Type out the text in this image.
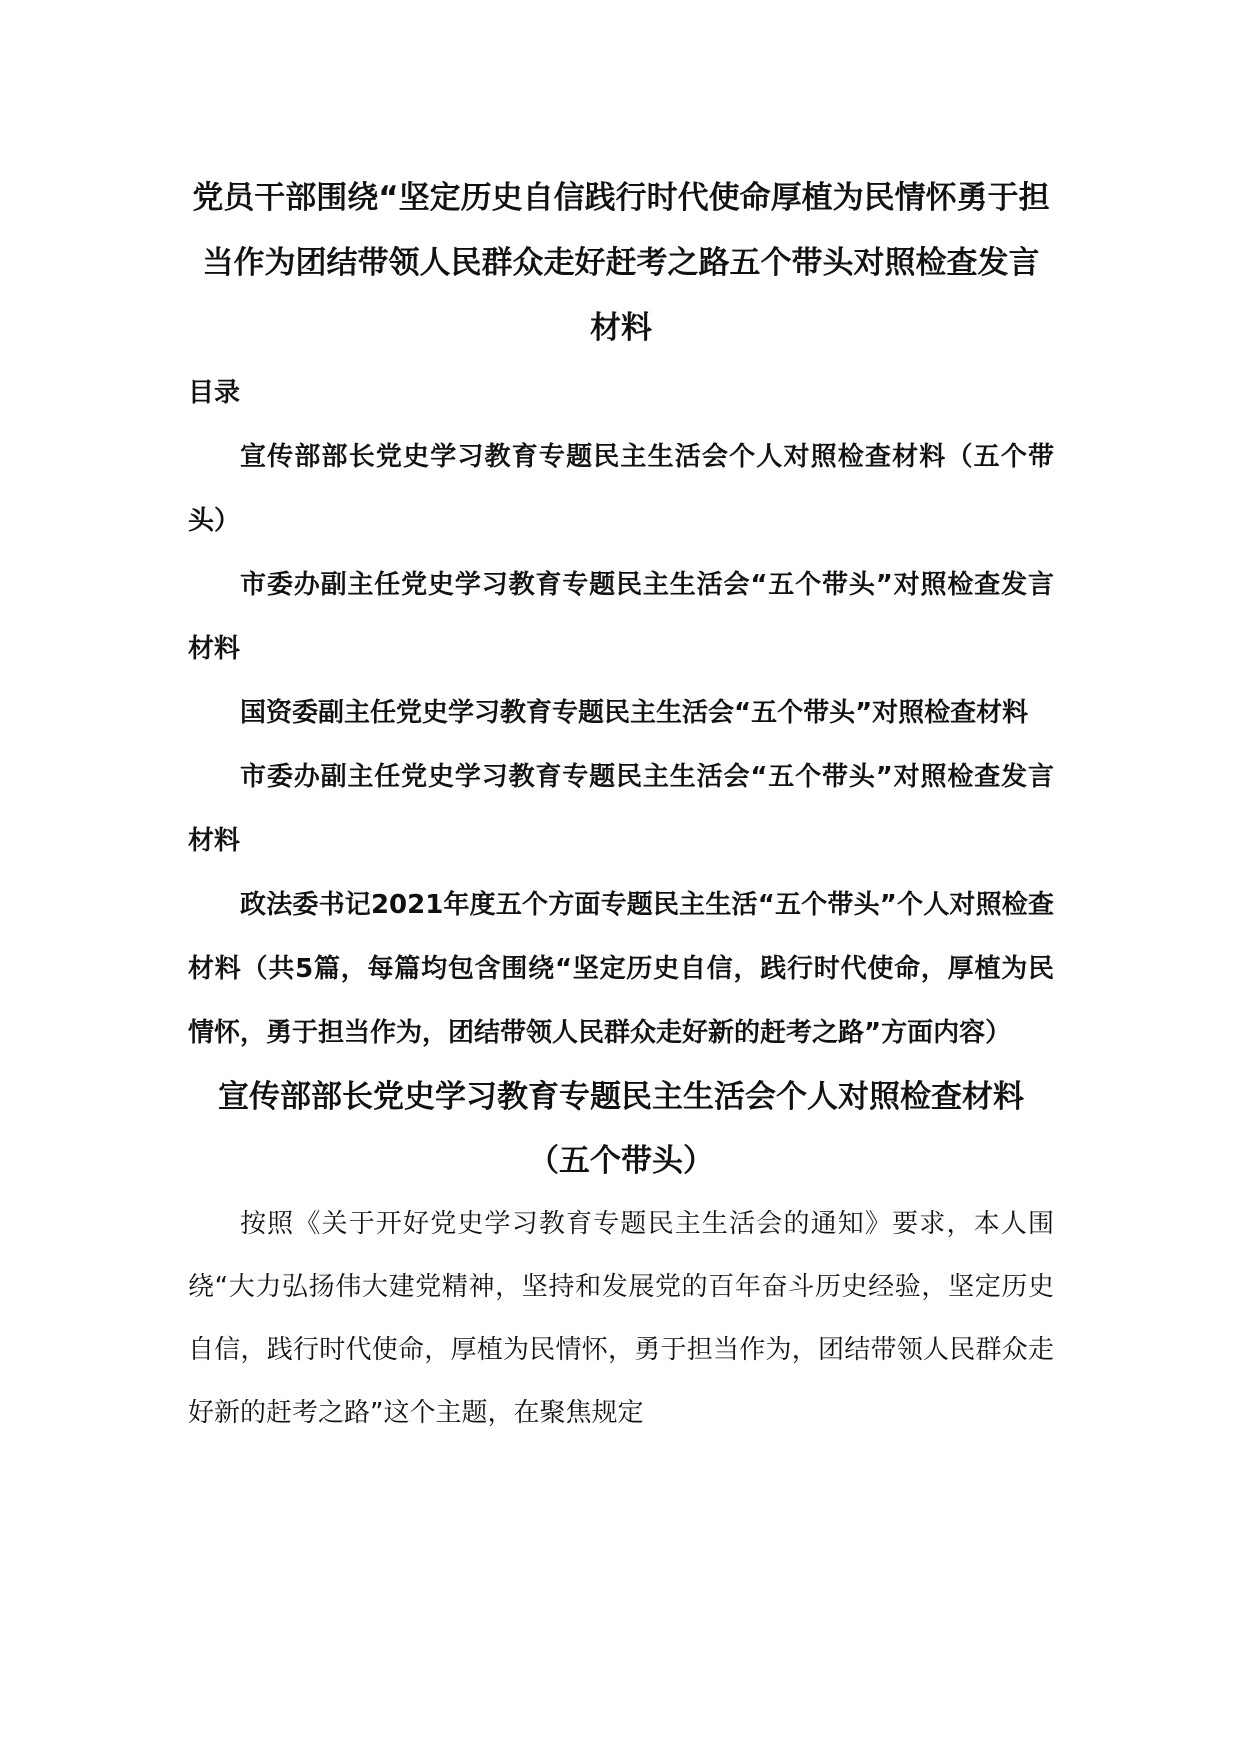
党员干部围绕“坚定历史自信践行时代使命厚植为民情怀勇于担当作为团结带领人民群众走好赶考之路五个带头对照检查发言材料

目录

宣传部部长党史学习教育专题民主生活会个人对照检查材料（五个带头）

市委办副主任党史学习教育专题民主生活会“五个带头”对照检查发言材料

国资委副主任党史学习教育专题民主生活会“五个带头”对照检查材料

市委办副主任党史学习教育专题民主生活会“五个带头”对照检查发言材料

政法委书记2021年度五个方面专题民主生活“五个带头”个人对照检查材料（共5篇，每篇均包含围绕“坚定历史自信，践行时代使命，厚植为民情怀，勇于担当作为，团结带领人民群众走好新的赶考之路”方面内容）

宣传部部长党史学习教育专题民主生活会个人对照检查材料（五个带头）

按照《关于开好党史学习教育专题民主生活会的通知》要求，本人围绕“大力弘扬伟大建党精神，坚持和发展党的百年奋斗历史经验，坚定历史自信，践行时代使命，厚植为民情怀，勇于担当作为，团结带领人民群众走好新的赶考之路”这个主题，在聚焦规定
